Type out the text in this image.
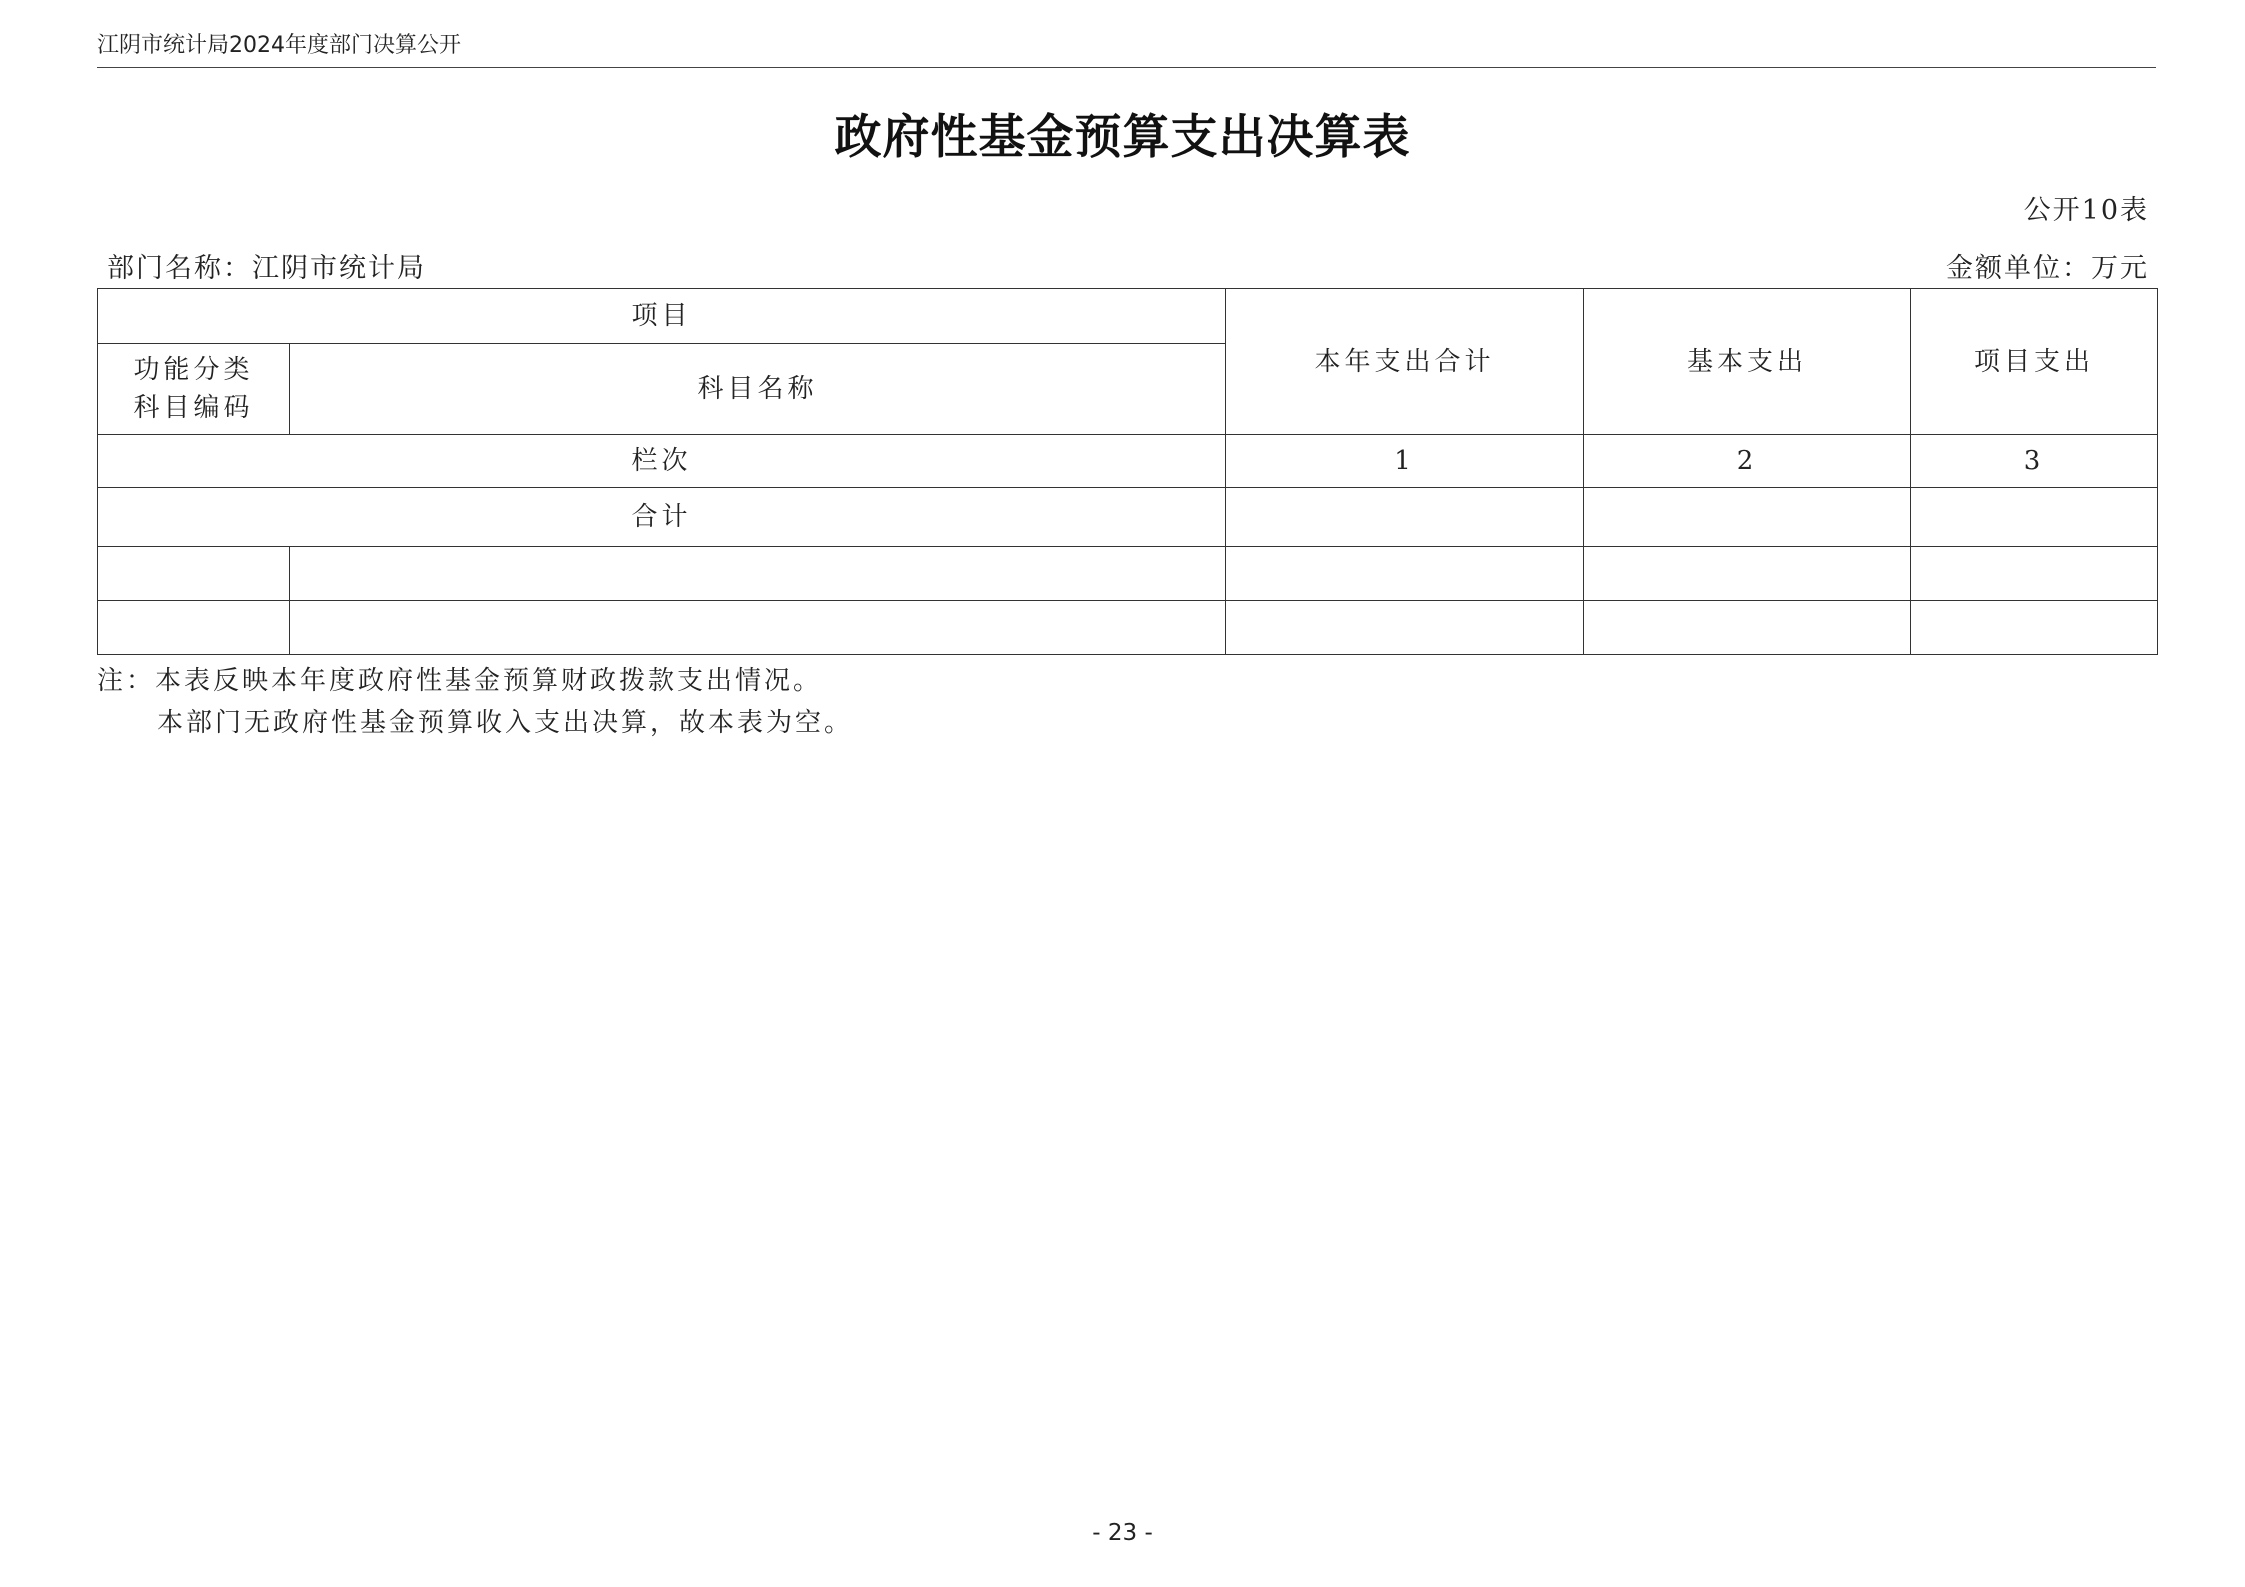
江阴市统计局2024年度部门决算公开
政府性基金预算支出决算表
公开10表
部门名称：江阴市统计局	金额单位：万元
项目		本年支出合计	基本支出	项目支出

功能分类
科目编码	科目名称			
栏次		1	2	3
合计				

注：本表反映本年度政府性基金预算财政拨款支出情况。
本部门无政府性基金预算收入支出决算，故本表为空。
- 23 -
